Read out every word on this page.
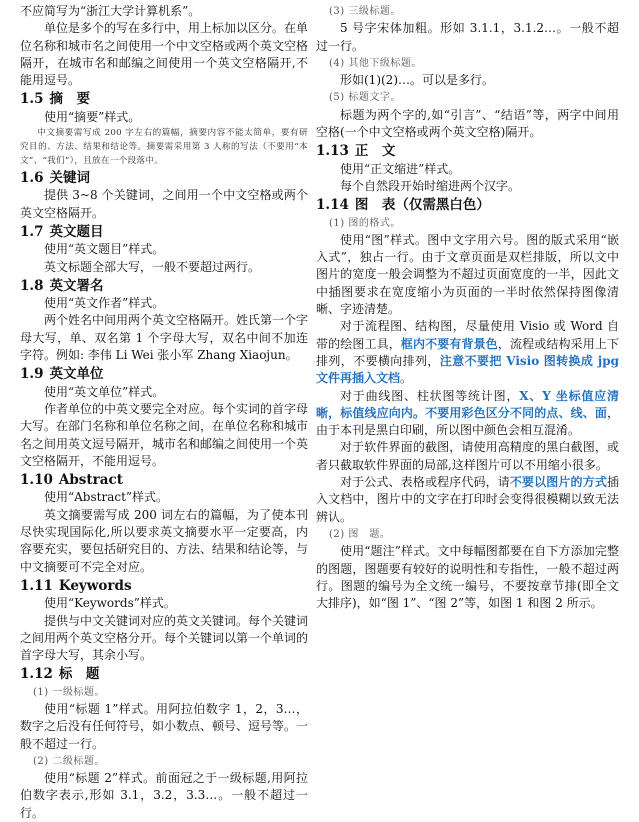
不应简写为“浙江大学计算机系”。
单位是多个的写在多行中，用上标加以区分。在单位名称和城市名之间使用一个中文空格或两个英文空格隔开，在城市名和邮编之间使用一个英文空格隔开,不能用逗号。
1.5 摘　要
使用“摘要”样式。
中文摘要需写成 200 字左右的篇幅，摘要内容不能太简单，要有研究目的、方法、结果和结论等。摘要需采用第 3 人称的写法（不要用“本文”、“我们”），且放在一个段落中。
1.6 关键词
提供 3~8 个关键词，之间用一个中文空格或两个英文空格隔开。
1.7 英文题目
使用“英文题目”样式。
英文标题全部大写，一般不要超过两行。
1.8 英文署名
使用“英文作者”样式。
两个姓名中间用两个英文空格隔开。姓氏第一个字母大写，单、双名第 1 个字母大写，双名中间不加连字符。例如: 李伟 Li Wei 张小军 Zhang Xiaojun。
1.9 英文单位
使用“英文单位”样式。
作者单位的中英文要完全对应。每个实词的首字母大写。在部门名称和单位名称之间，在单位名称和城市名之间用英文逗号隔开，城市名和邮编之间使用一个英文空格隔开，不能用逗号。
1.10 Abstract
使用“Abstract”样式。
英文摘要需写成 200 词左右的篇幅，为了使本刊尽快实现国际化,所以要求英文摘要水平一定要高，内容要充实，要包括研究目的、方法、结果和结论等，与中文摘要可不完全对应。
1.11 Keywords
使用“Keywords”样式。
提供与中文关键词对应的英文关键词。每个关键词之间用两个英文空格分开。每个关键词以第一个单词的首字母大写，其余小写。
1.12 标　题
(1) 一级标题。
使用“标题 1”样式。用阿拉伯数字 1，2，3…，数字之后没有任何符号，如小数点、顿号、逗号等。一般不超过一行。
(2) 二级标题。
使用“标题 2”样式。前面冠之于一级标题,用阿拉伯数字表示,形如 3.1，3.2，3.3…。一般不超过一行。
(3) 三级标题。
5 号字宋体加粗。形如 3.1.1，3.1.2…。一般不超过一行。
(4) 其他下级标题。
形如(1)(2)…。可以是多行。
(5) 标题文字。
标题为两个字的,如“引言”、“结语”等，两字中间用空格(一个中文空格或两个英文空格)隔开。
1.13 正　文
使用“正文缩进”样式。
每个自然段开始时缩进两个汉字。
1.14 图　表（仅需黑白色）
(1) 图的格式。
使用“图”样式。图中文字用六号。图的版式采用“嵌入式”，独占一行。由于文章页面是双栏排版，所以文中图片的宽度一般会调整为不超过页面宽度的一半，因此文中插图要求在宽度缩小为页面的一半时依然保持图像清晰、字迹清楚。
对于流程图、结构图，尽量使用 Visio 或 Word 自带的绘图工具，框内不要有背景色，流程或结构采用上下排列，不要横向排列，注意不要把 Visio 图转换成 jpg 文件再插入文档。
对于曲线图、柱状图等统计图，X、Y 坐标值应清晰，标值线应向内。不要用彩色区分不同的点、线、面，由于本刊是黑白印刷，所以图中颜色会相互混淆。
对于软件界面的截图，请使用高精度的黑白截图，或者只截取软件界面的局部,这样图片可以不用缩小很多。
对于公式、表格或程序代码，请不要以图片的方式插入文档中，图片中的文字在打印时会变得很模糊以致无法辨认。
(2) 图　题。
使用“题注”样式。文中每幅图都要在自下方添加完整的图题，图题要有较好的说明性和专指性，一般不超过两行。图题的编号为全文统一编号，不要按章节排(即全文大排序)，如“图 1”、“图 2”等，如图 1 和图 2 所示。
